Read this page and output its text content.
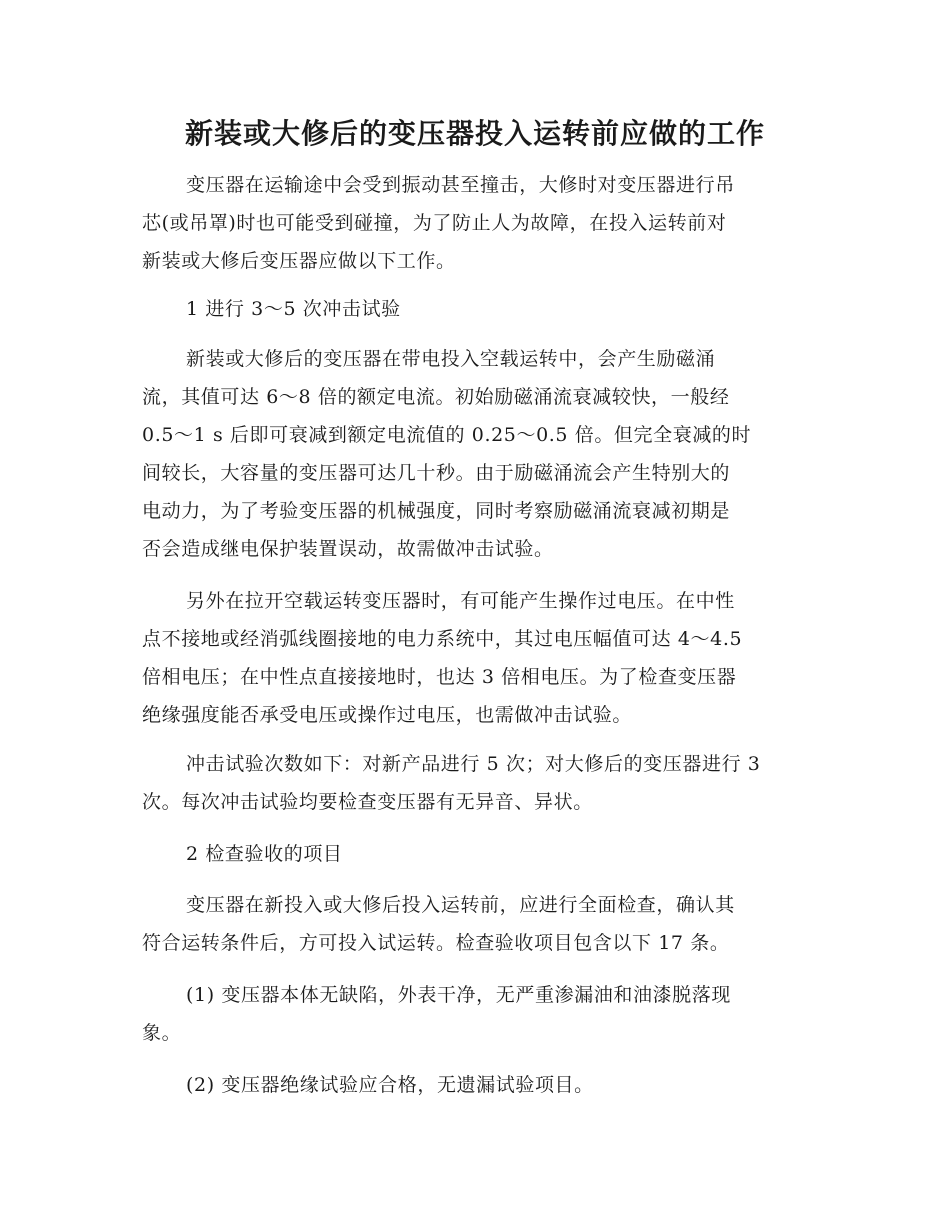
新装或大修后的变压器投入运转前应做的工作
变压器在运输途中会受到振动甚至撞击，大修时对变压器进行吊
芯(或吊罩)时也可能受到碰撞，为了防止人为故障，在投入运转前对
新装或大修后变压器应做以下工作。
1 进行 3～5 次冲击试验
新装或大修后的变压器在带电投入空载运转中，会产生励磁涌
流，其值可达 6～8 倍的额定电流。初始励磁涌流衰减较快，一般经
0.5～1 s 后即可衰减到额定电流值的 0.25～0.5 倍。但完全衰减的时
间较长，大容量的变压器可达几十秒。由于励磁涌流会产生特别大的
电动力，为了考验变压器的机械强度，同时考察励磁涌流衰减初期是
否会造成继电保护装置误动，故需做冲击试验。
另外在拉开空载运转变压器时，有可能产生操作过电压。在中性
点不接地或经消弧线圈接地的电力系统中，其过电压幅值可达 4～4.5
倍相电压；在中性点直接接地时，也达 3 倍相电压。为了检查变压器
绝缘强度能否承受电压或操作过电压，也需做冲击试验。
冲击试验次数如下：对新产品进行 5 次；对大修后的变压器进行 3
次。每次冲击试验均要检查变压器有无异音、异状。
2 检查验收的项目
变压器在新投入或大修后投入运转前，应进行全面检查，确认其
符合运转条件后，方可投入试运转。检查验收项目包含以下 17 条。
(1) 变压器本体无缺陷，外表干净，无严重渗漏油和油漆脱落现
象。
(2) 变压器绝缘试验应合格，无遗漏试验项目。
